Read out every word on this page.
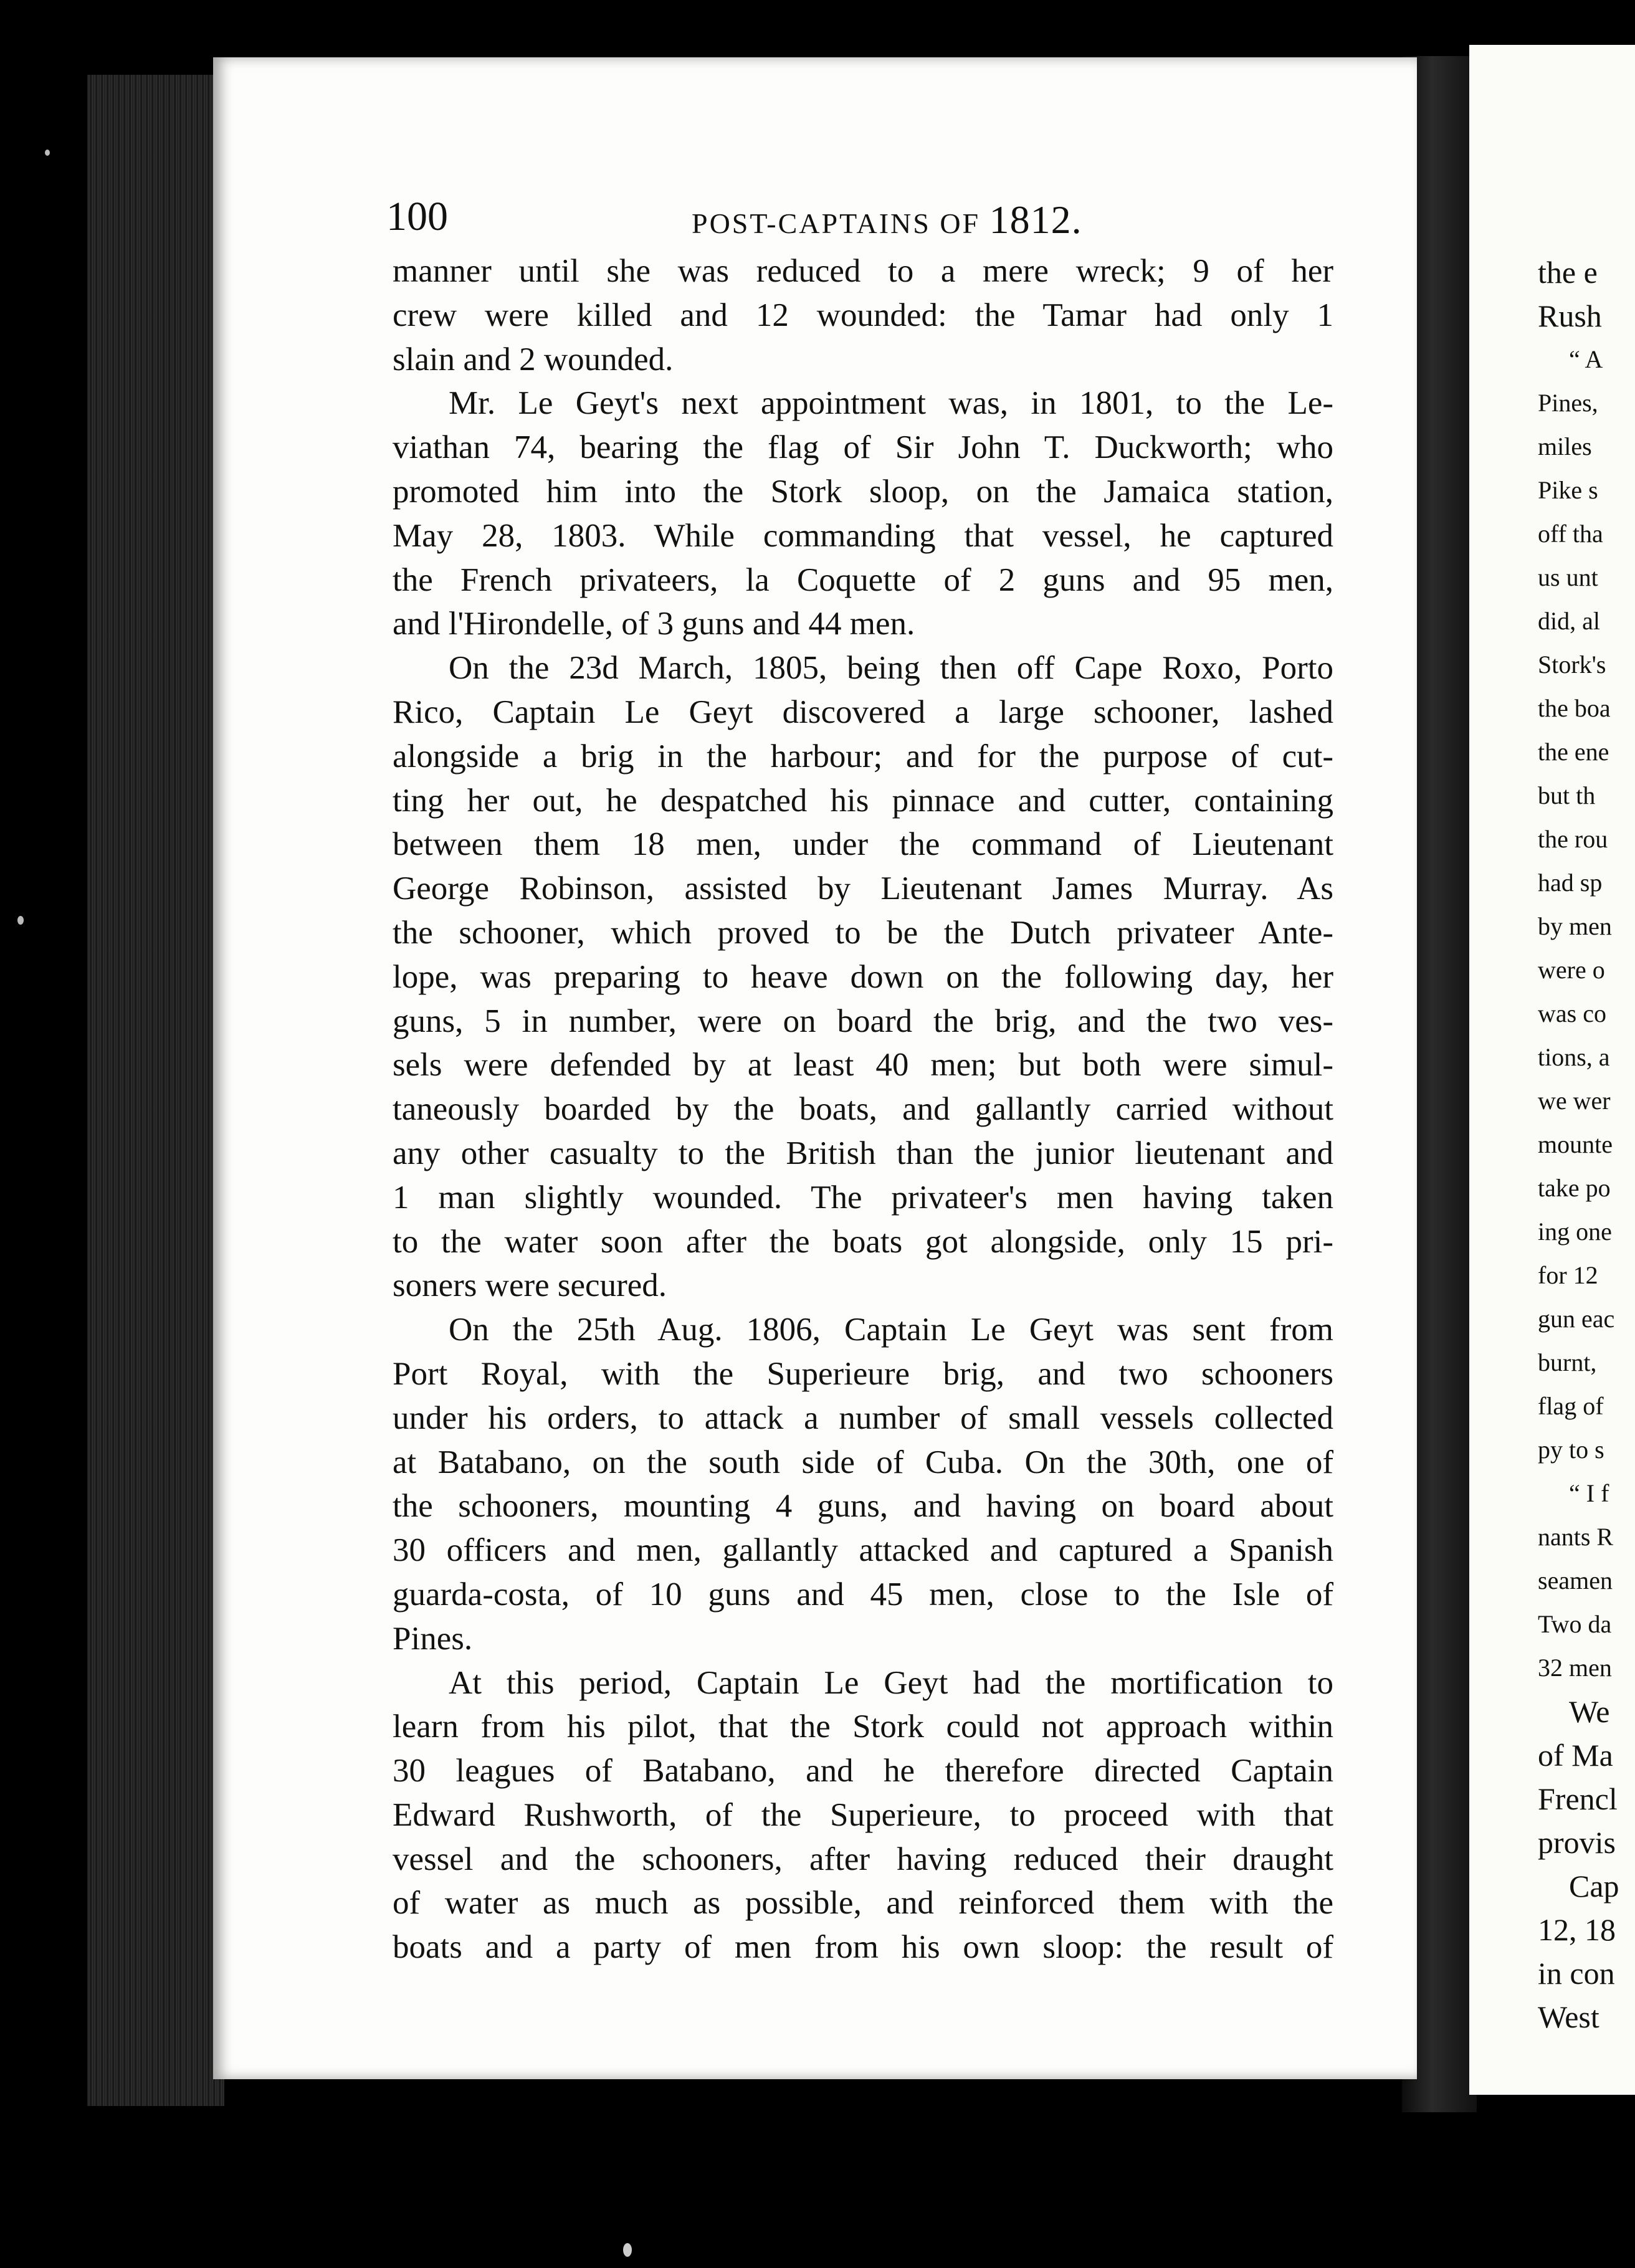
the e
Rush
“ A
Pines,
miles
Pike s
off tha
us unt
did, al
Stork's
the boa
the ene
but th
the rou
had sp
by men
were o
was co
tions, a
we wer
mounte
take po
ing one
for 12
gun eac
burnt,
flag of
py to s
“ I f
nants R
seamen
Two da
32 men
We
of Ma
Frencl
provis
Cap
12, 18
in con
West
100	POST-CAPTAINS OF 1812.
manner until she was reduced to a mere wreck; 9 of her
crew were killed and 12 wounded: the Tamar had only 1
slain and 2 wounded.
Mr. Le Geyt's next appointment was, in 1801, to the Le-
viathan 74, bearing the flag of Sir John T. Duckworth; who
promoted him into the Stork sloop, on the Jamaica station,
May 28, 1803. While commanding that vessel, he captured
the French privateers, la Coquette of 2 guns and 95 men,
and l'Hirondelle, of 3 guns and 44 men.
On the 23d March, 1805, being then off Cape Roxo, Porto
Rico, Captain Le Geyt discovered a large schooner, lashed
alongside a brig in the harbour; and for the purpose of cut-
ting her out, he despatched his pinnace and cutter, containing
between them 18 men, under the command of Lieutenant
George Robinson, assisted by Lieutenant James Murray. As
the schooner, which proved to be the Dutch privateer Ante-
lope, was preparing to heave down on the following day, her
guns, 5 in number, were on board the brig, and the two ves-
sels were defended by at least 40 men; but both were simul-
taneously boarded by the boats, and gallantly carried without
any other casualty to the British than the junior lieutenant and
1 man slightly wounded. The privateer's men having taken
to the water soon after the boats got alongside, only 15 pri-
soners were secured.
On the 25th Aug. 1806, Captain Le Geyt was sent from
Port Royal, with the Superieure brig, and two schooners
under his orders, to attack a number of small vessels collected
at Batabano, on the south side of Cuba. On the 30th, one of
the schooners, mounting 4 guns, and having on board about
30 officers and men, gallantly attacked and captured a Spanish
guarda-costa, of 10 guns and 45 men, close to the Isle of
Pines.
At this period, Captain Le Geyt had the mortification to
learn from his pilot, that the Stork could not approach within
30 leagues of Batabano, and he therefore directed Captain
Edward Rushworth, of the Superieure, to proceed with that
vessel and the schooners, after having reduced their draught
of water as much as possible, and reinforced them with the
boats and a party of men from his own sloop: the result of
